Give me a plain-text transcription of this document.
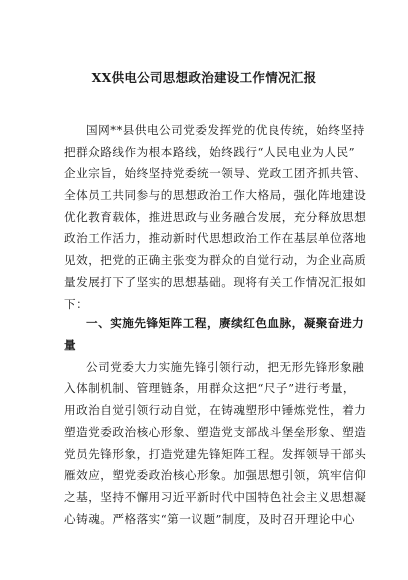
XX供电公司思想政治建设工作情况汇报
国网**县供电公司党委发挥党的优良传统，始终坚持
把群众路线作为根本路线，始终践行“人民电业为人民”
企业宗旨，始终坚持党委统一领导、党政工团齐抓共管、
全体员工共同参与的思想政治工作大格局，强化阵地建设
优化教育载体，推进思政与业务融合发展，充分释放思想
政治工作活力，推动新时代思想政治工作在基层单位落地
见效，把党的正确主张变为群众的自觉行动，为企业高质
量发展打下了坚实的思想基础。现将有关工作情况汇报如
下：
一、实施先锋矩阵工程，赓续红色血脉，凝聚奋进力
量
公司党委大力实施先锋引领行动，把无形先锋形象融
入体制机制、管理链条，用群众这把“尺子”进行考量，
用政治自觉引领行动自觉，在铸魂塑形中锤炼党性，着力
塑造党委政治核心形象、塑造党支部战斗堡垒形象、塑造
党员先锋形象，打造党建先锋矩阵工程。发挥领导干部头
雁效应，塑党委政治核心形象。加强思想引领，筑牢信仰
之基，坚持不懈用习近平新时代中国特色社会主义思想凝
心铸魂。严格落实“第一议题”制度，及时召开理论中心
